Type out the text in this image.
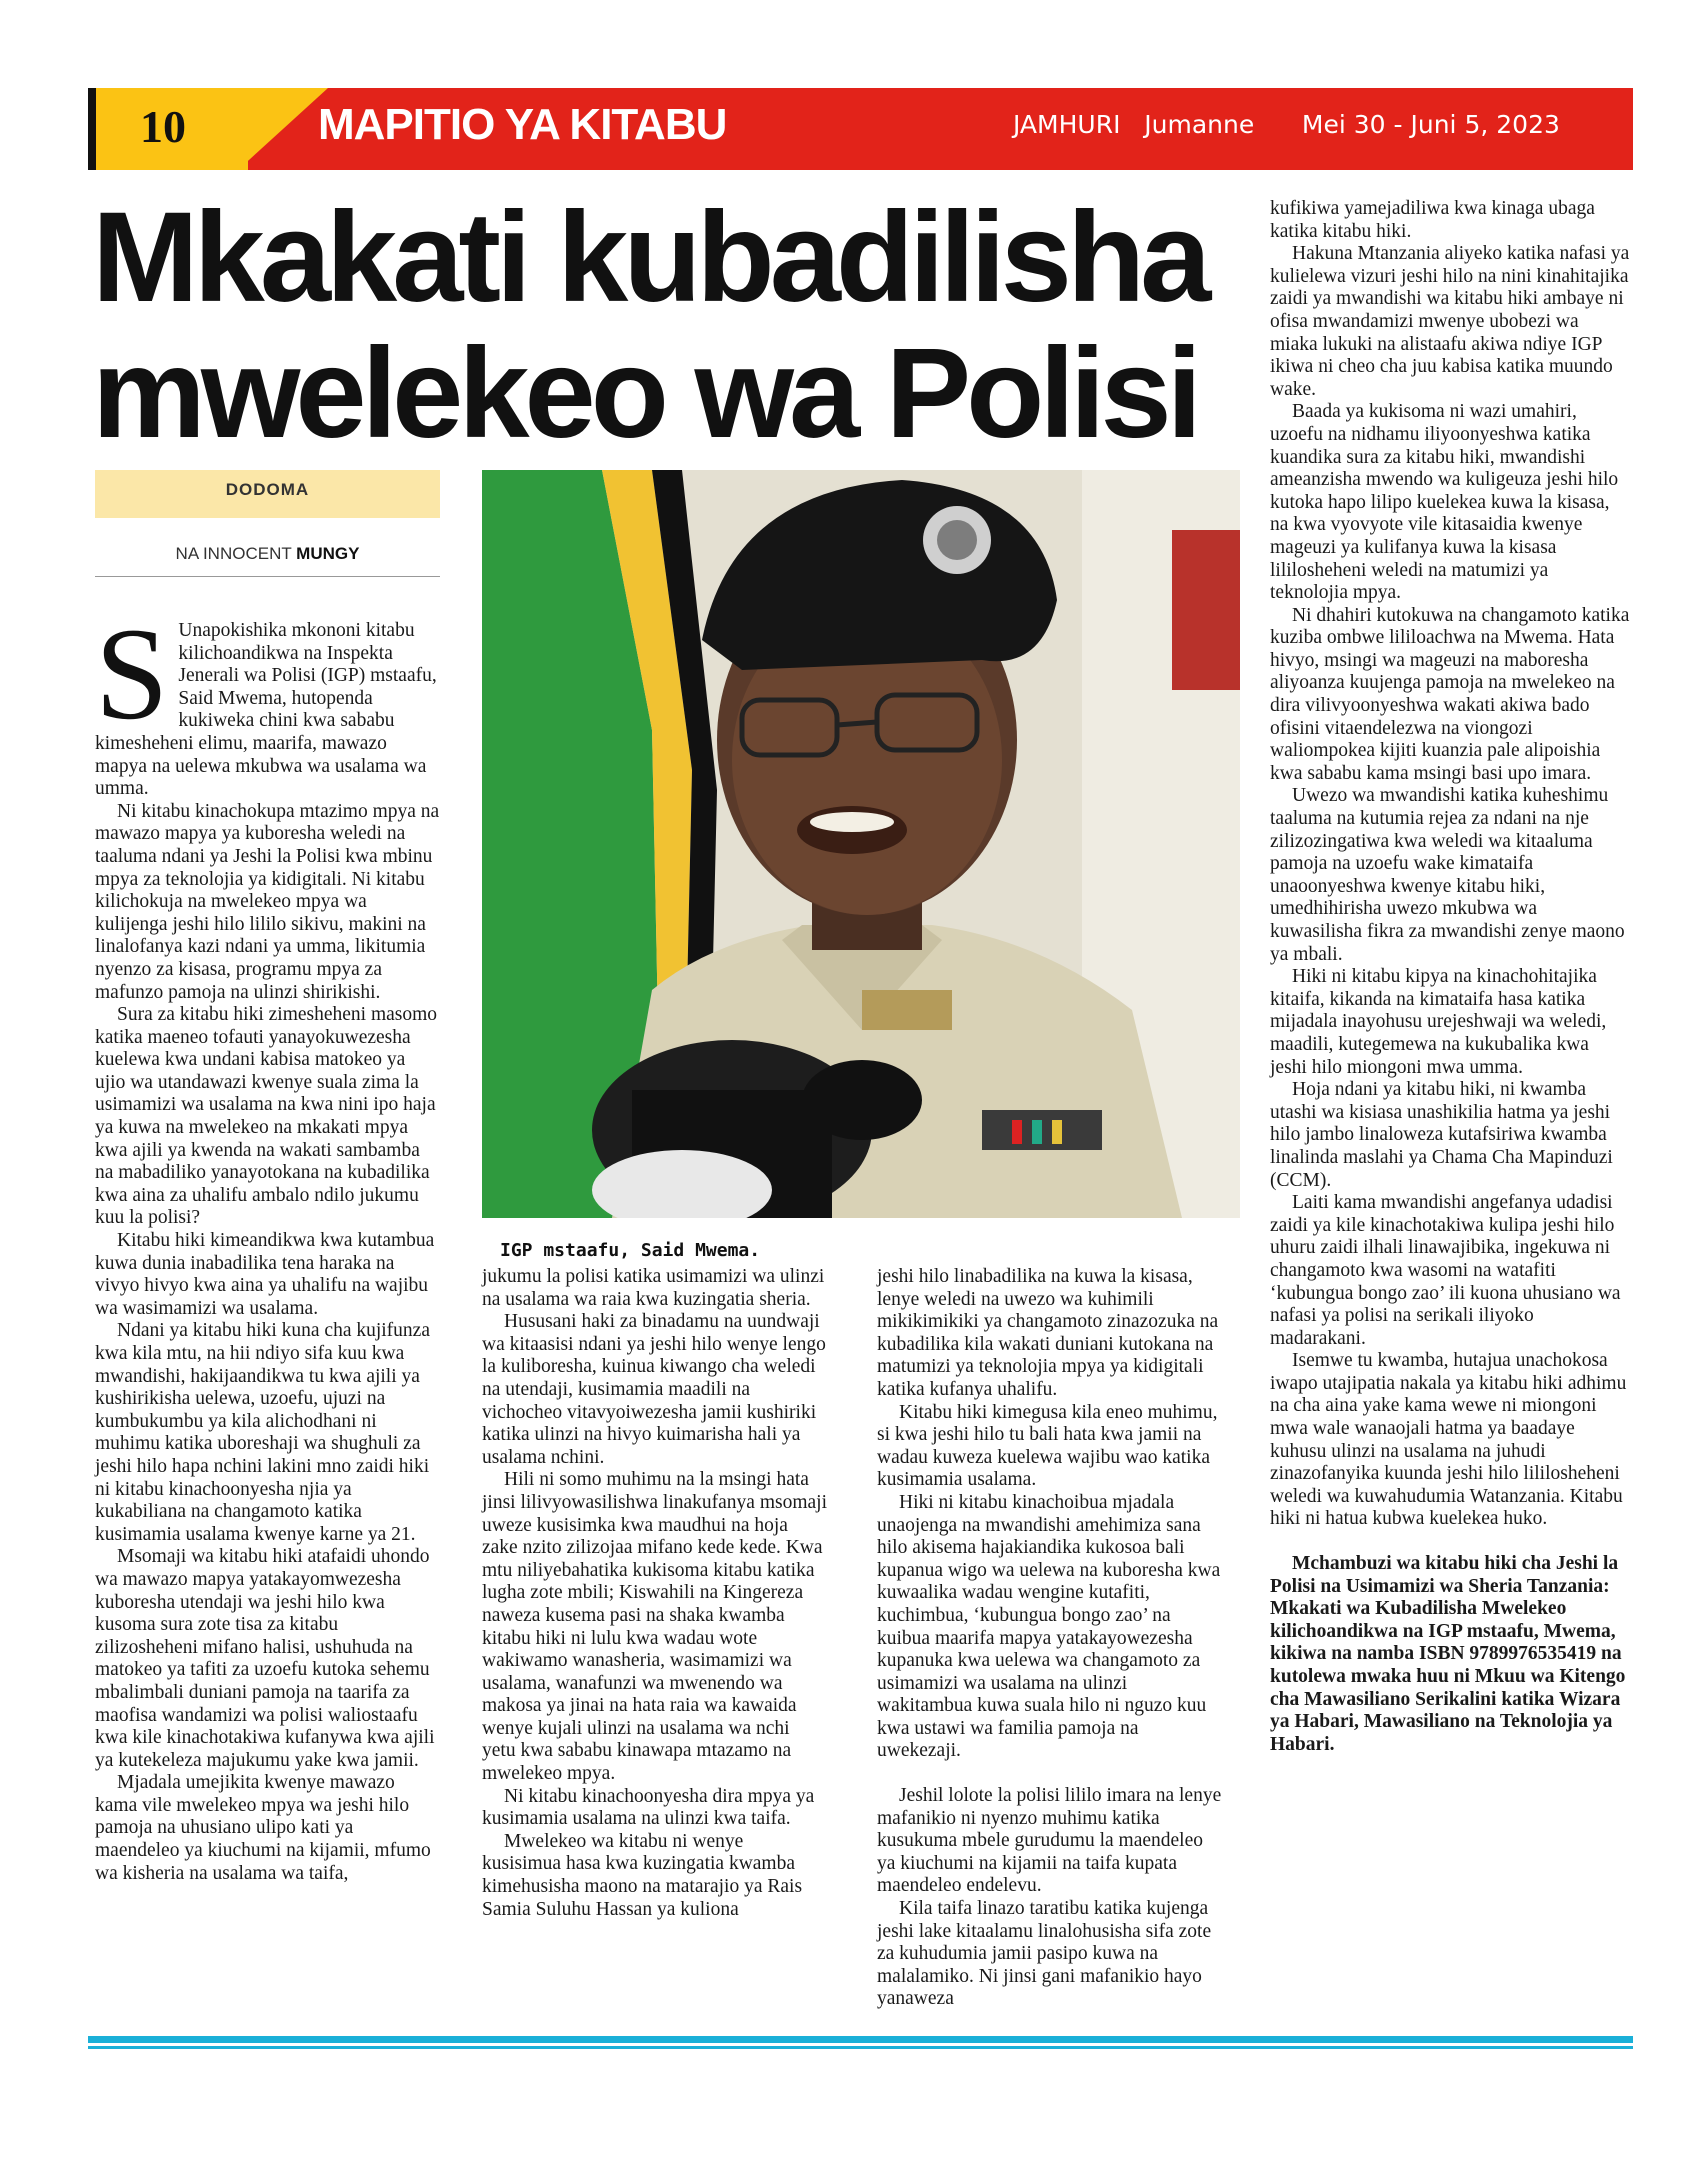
10	MAPITIO YA KITABU	JAMHURI   Jumanne      Mei 30 - Juni 5, 2023
Mkakati kubadilisha mwelekeo wa Polisi
DODOMA
NA INNOCENT MUNGY
IGP mstaafu, Said Mwema.
S Unapokishika mkononi kitabu kilichoandikwa na Inspekta Jenerali wa Polisi (IGP) mstaafu, Said Mwema, hutopenda kukiweka chini kwa sababu kimesheheni elimu, maarifa, mawazo mapya na uelewa mkubwa wa usalama wa umma.

Ni kitabu kinachokupa mtazimo mpya na mawazo mapya ya kuboresha weledi na taaluma ndani ya Jeshi la Polisi kwa mbinu mpya za teknolojia ya kidigitali. Ni kitabu kilichokuja na mwelekeo mpya wa kulijenga jeshi hilo lililo sikivu, makini na linalofanya kazi ndani ya umma, likitumia nyenzo za kisasa, programu mpya za mafunzo pamoja na ulinzi shirikishi.

Sura za kitabu hiki zimesheheni masomo katika maeneo tofauti yanayokuwezesha kuelewa kwa undani kabisa matokeo ya ujio wa utandawazi kwenye suala zima la usimamizi wa usalama na kwa nini ipo haja ya kuwa na mwelekeo na mkakati mpya kwa ajili ya kwenda na wakati sambamba na mabadiliko yanayotokana na kubadilika kwa aina za uhalifu ambalo ndilo jukumu kuu la polisi?

Kitabu hiki kimeandikwa kwa kutambua kuwa dunia inabadilika tena haraka na vivyo hivyo kwa aina ya uhalifu na wajibu wa wasimamizi wa usalama.

Ndani ya kitabu hiki kuna cha kujifunza kwa kila mtu, na hii ndiyo sifa kuu kwa mwandishi, hakijaandikwa tu kwa ajili ya kushirikisha uelewa, uzoefu, ujuzi na kumbukumbu ya kila alichodhani ni muhimu katika uboreshaji wa shughuli za jeshi hilo hapa nchini lakini mno zaidi hiki ni kitabu kinachoonyesha njia ya kukabiliana na changamoto katika kusimamia usalama kwenye karne ya 21.

Msomaji wa kitabu hiki atafaidi uhondo wa mawazo mapya yatakayomwezesha kuboresha utendaji wa jeshi hilo kwa kusoma sura zote tisa za kitabu zilizosheheni mifano halisi, ushuhuda na matokeo ya tafiti za uzoefu kutoka sehemu mbalimbali duniani pamoja na taarifa za maofisa wandamizi wa polisi waliostaafu kwa kile kinachotakiwa kufanywa kwa ajili ya kutekeleza majukumu yake kwa jamii.

Mjadala umejikita kwenye mawazo kama vile mwelekeo mpya wa jeshi hilo pamoja na uhusiano ulipo kati ya maendeleo ya kiuchumi na kijamii, mfumo wa kisheria na usalama wa taifa,

jukumu la polisi katika usimamizi wa ulinzi na usalama wa raia kwa kuzingatia sheria.

Hususani haki za binadamu na uundwaji wa kitaasisi ndani ya jeshi hilo wenye lengo la kuliboresha, kuinua kiwango cha weledi na utendaji, kusimamia maadili na vichocheo vitavyoiwezesha jamii kushiriki katika ulinzi na hivyo kuimarisha hali ya usalama nchini.

Hili ni somo muhimu na la msingi hata jinsi lilivyowasilishwa linakufanya msomaji uweze kusisimka kwa maudhui na hoja zake nzito zilizojaa mifano kede kede. Kwa mtu niliyebahatika kukisoma kitabu katika lugha zote mbili; Kiswahili na Kingereza naweza kusema pasi na shaka kwamba kitabu hiki ni lulu kwa wadau wote wakiwamo wanasheria, wasimamizi wa usalama, wanafunzi wa mwenendo wa makosa ya jinai na hata raia wa kawaida wenye kujali ulinzi na usalama wa nchi yetu kwa sababu kinawapa mtazamo na mwelekeo mpya.

Ni kitabu kinachoonyesha dira mpya ya kusimamia usalama na ulinzi kwa taifa.

Mwelekeo wa kitabu ni wenye kusisimua hasa kwa kuzingatia kwamba kimehusisha maono na matarajio ya Rais Samia Suluhu Hassan ya kuliona

jeshi hilo linabadilika na kuwa la kisasa, lenye weledi na uwezo wa kuhimili mikikimikiki ya changamoto zinazozuka na kubadilika kila wakati duniani kutokana na matumizi ya teknolojia mpya ya kidigitali katika kufanya uhalifu.

Kitabu hiki kimegusa kila eneo muhimu, si kwa jeshi hilo tu bali hata kwa jamii na wadau kuweza kuelewa wajibu wao katika kusimamia usalama.

Hiki ni kitabu kinachoibua mjadala unaojenga na mwandishi amehimiza sana hilo akisema hajakiandika kukosoa bali kupanua wigo wa uelewa na kuboresha kwa kuwaalika wadau wengine kutafiti, kuchimbua, ‘kubungua bongo zao’ na kuibua maarifa mapya yatakayowezesha kupanuka kwa uelewa wa changamoto za usimamizi wa usalama na ulinzi wakitambua kuwa suala hilo ni nguzo kuu kwa ustawi wa familia pamoja na uwekezaji.

Jeshil lolote la polisi lililo imara na lenye mafanikio ni nyenzo muhimu katika kusukuma mbele gurudumu la maendeleo ya kiuchumi na kijamii na taifa kupata maendeleo endelevu.

Kila taifa linazo taratibu katika kujenga jeshi lake kitaalamu linalohusisha sifa zote za kuhudumia jamii pasipo kuwa na malalamiko. Ni jinsi gani mafanikio hayo yanaweza

kufikiwa yamejadiliwa kwa kinaga ubaga katika kitabu hiki.

Hakuna Mtanzania aliyeko katika nafasi ya kulielewa vizuri jeshi hilo na nini kinahitajika zaidi ya mwandishi wa kitabu hiki ambaye ni ofisa mwandamizi mwenye ubobezi wa miaka lukuki na alistaafu akiwa ndiye IGP ikiwa ni cheo cha juu kabisa katika muundo wake.

Baada ya kukisoma ni wazi umahiri, uzoefu na nidhamu iliyoonyeshwa katika kuandika sura za kitabu hiki, mwandishi ameanzisha mwendo wa kuligeuza jeshi hilo kutoka hapo lilipo kuelekea kuwa la kisasa, na kwa vyovyote vile kitasaidia kwenye mageuzi ya kulifanya kuwa la kisasa lililosheheni weledi na matumizi ya teknolojia mpya.

Ni dhahiri kutokuwa na changamoto katika kuziba ombwe lililoachwa na Mwema. Hata hivyo, msingi wa mageuzi na maboresha aliyoanza kuujenga pamoja na mwelekeo na dira vilivyoonyeshwa wakati akiwa bado ofisini vitaendelezwa na viongozi waliompokea kijiti kuanzia pale alipoishia kwa sababu kama msingi basi upo imara.

Uwezo wa mwandishi katika kuheshimu taaluma na kutumia rejea za ndani na nje zilizozingatiwa kwa weledi wa kitaaluma pamoja na uzoefu wake kimataifa unaoonyeshwa kwenye kitabu hiki, umedhihirisha uwezo mkubwa wa kuwasilisha fikra za mwandishi zenye maono ya mbali.

Hiki ni kitabu kipya na kinachohitajika kitaifa, kikanda na kimataifa hasa katika mijadala inayohusu urejeshwaji wa weledi, maadili, kutegemewa na kukubalika kwa jeshi hilo miongoni mwa umma.

Hoja ndani ya kitabu hiki, ni kwamba utashi wa kisiasa unashikilia hatma ya jeshi hilo jambo linaloweza kutafsiriwa kwamba linalinda maslahi ya Chama Cha Mapinduzi (CCM).

Laiti kama mwandishi angefanya udadisi zaidi ya kile kinachotakiwa kulipa jeshi hilo uhuru zaidi ilhali linawajibika, ingekuwa ni changamoto kwa wasomi na watafiti ‘kubungua bongo zao’ ili kuona uhusiano wa nafasi ya polisi na serikali iliyoko madarakani.

Isemwe tu kwamba, hutajua unachokosa iwapo utajipatia nakala ya kitabu hiki adhimu na cha aina yake kama wewe ni miongoni mwa wale wanaojali hatma ya baadaye kuhusu ulinzi na usalama na juhudi zinazofanyika kuunda jeshi hilo lililosheheni weledi wa kuwahudumia Watanzania. Kitabu hiki ni hatua kubwa kuelekea huko.

Mchambuzi wa kitabu hiki cha Jeshi la Polisi na Usimamizi wa Sheria Tanzania: Mkakati wa Kubadilisha Mwelekeo kilichoandikwa na IGP mstaafu, Mwema, kikiwa na namba ISBN 9789976535419 na kutolewa mwaka huu ni Mkuu wa Kitengo cha Mawasiliano Serikalini katika Wizara ya Habari, Mawasiliano na Teknolojia ya Habari.
